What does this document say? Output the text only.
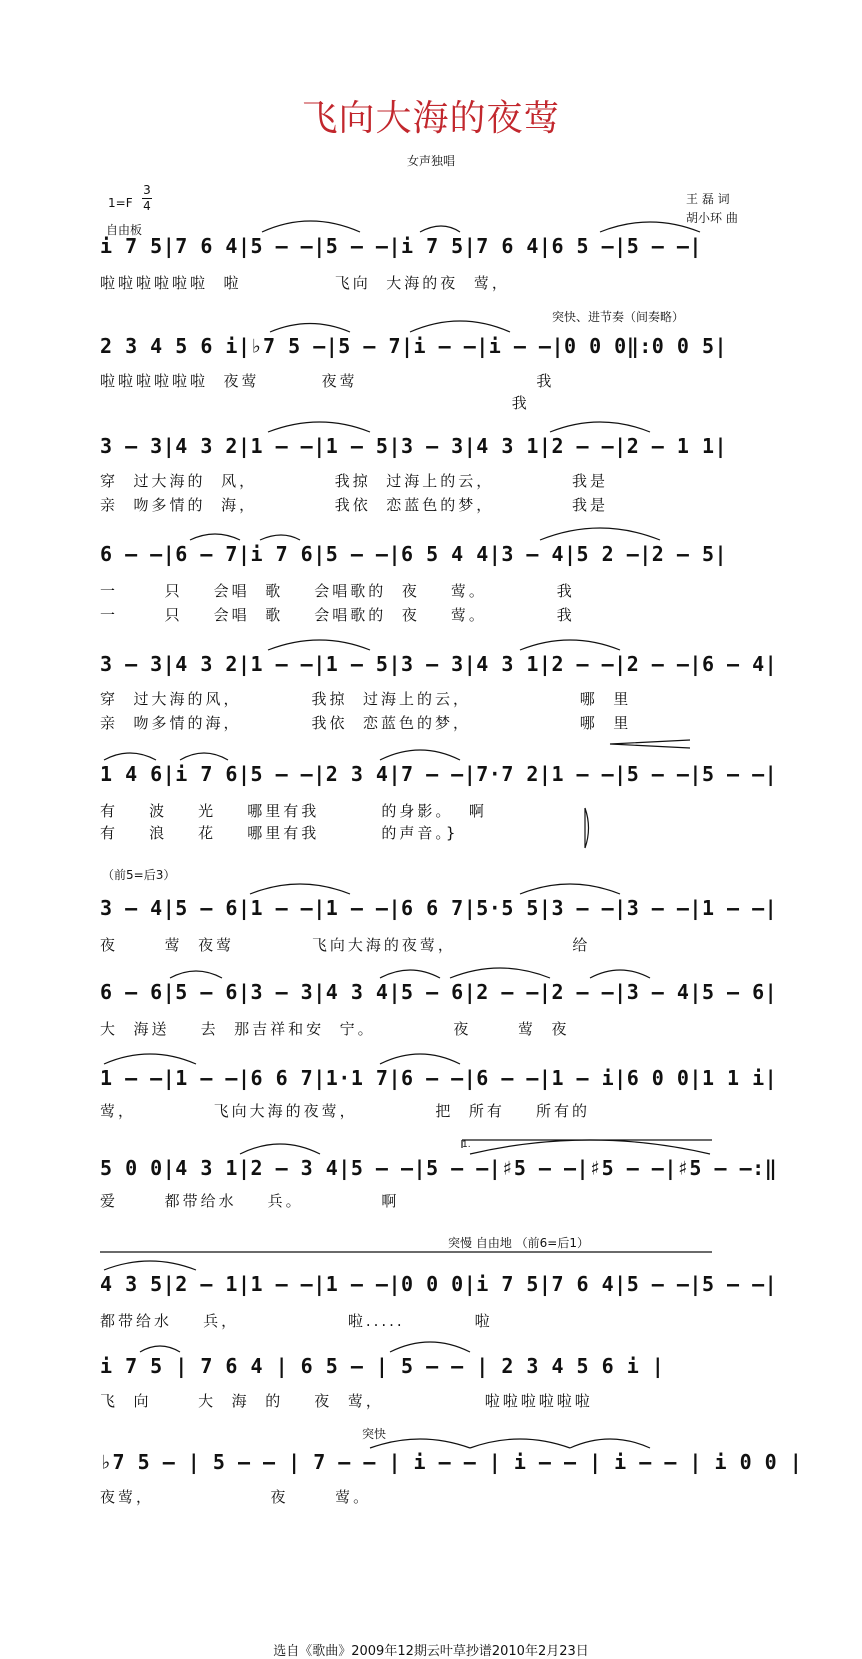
飞向大海的夜莺
女声独唱
1=F
3
4
自由板
王 磊 词
胡小环 曲
突快、进节奏（间奏略）
（前5=后3）
1.
突慢 自由地 （前6=后1）
突快
i 7 5|7 6 4|5 – –|5 – –|i 7 5|7 6 4|6 5 –|5 – –|
啦啦啦啦啦啦  啦            飞向  大海的夜  莺，
2 3 4 5 6 i|♭7 5 –|5 – 7|i – –|i – –|0 0 0‖:0 0 5|
啦啦啦啦啦啦  夜莺        夜莺                       我
我
3 – 3|4 3 2|1 – –|1 – 5|3 – 3|4 3 1|2 – –|2 – 1 1|
穿  过大海的  风，          我掠  过海上的云，          我是
亲  吻多情的  海，          我依  恋蓝色的梦，          我是
6 – –|6 – 7|i 7 6|5 – –|6 5 4 4|3 – 4|5 2 –|2 – 5|
一      只    会唱  歌    会唱歌的  夜    莺。         我
一      只    会唱  歌    会唱歌的  夜    莺。         我
3 – 3|4 3 2|1 – –|1 – 5|3 – 3|4 3 1|2 – –|2 – –|6 – 4|
穿  过大海的风，         我掠  过海上的云，              哪  里
亲  吻多情的海，         我依  恋蓝色的梦，              哪  里
1 4 6|i 7 6|5 – –|2 3 4|7 – –|7·7 2|1 – –|5 – –|5 – –|
有    波    光    哪里有我        的身影。  啊
有    浪    花    哪里有我        的声音。}
3 – 4|5 – 6|1 – –|1 – –|6 6 7|5·5 5|3 – –|3 – –|1 – –|
夜      莺  夜莺          飞向大海的夜莺，               给
6 – 6|5 – 6|3 – 3|4 3 4|5 – 6|2 – –|2 – –|3 – 4|5 – 6|
大  海送    去  那吉祥和安  宁。          夜      莺  夜
1 – –|1 – –|6 6 7|1·1 7|6 – –|6 – –|1 – i|6 0 0|1 1 i|
莺，          飞向大海的夜莺，          把  所有    所有的
5 0 0|4 3 1|2 – 3 4|5 – –|5 – –|♯5 – –|♯5 – –|♯5 – –:‖
爱      都带给水    兵。          啊
4 3 5|2 – 1|1 – –|1 – –|0 0 0|i 7 5|7 6 4|5 – –|5 – –|
都带给水    兵，              啦.....         啦
i 7 5 | 7 6 4 | 6 5 – | 5 – – | 2 3 4 5 6 i |
飞  向      大  海  的    夜  莺，             啦啦啦啦啦啦
♭7 5 – | 5 – – | 7 – – | i – – | i – – | i – – | i 0 0 |
夜莺，               夜      莺。
选自《歌曲》2009年12期云叶草抄谱2010年2月23日
